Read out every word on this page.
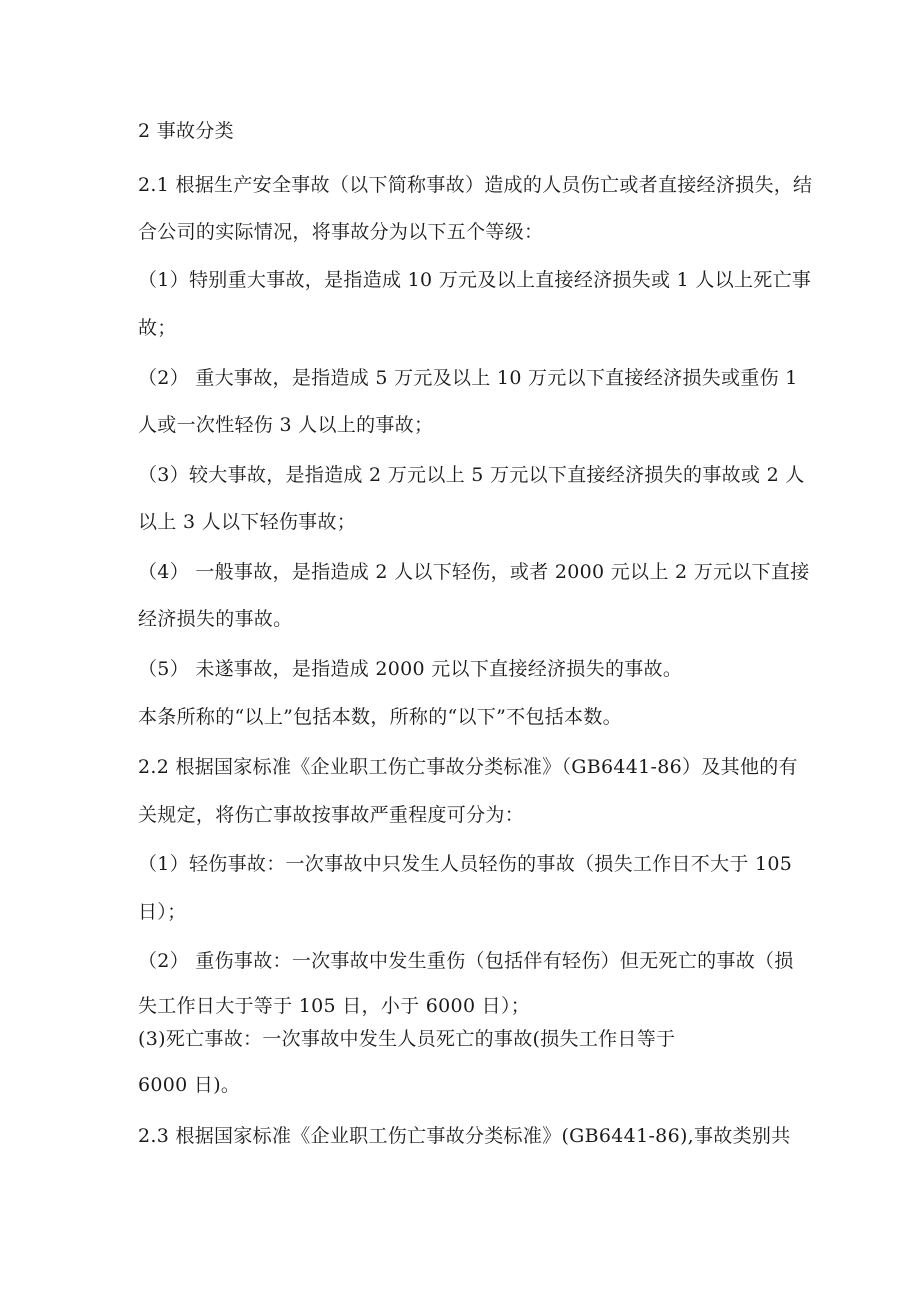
2 事故分类
2.1 根据生产安全事故（以下简称事故）造成的人员伤亡或者直接经济损失，结
合公司的实际情况，将事故分为以下五个等级：
（1）特别重大事故，是指造成 10 万元及以上直接经济损失或 1 人以上死亡事
故；
（2） 重大事故，是指造成 5 万元及以上 10 万元以下直接经济损失或重伤 1
人或一次性轻伤 3 人以上的事故；
（3）较大事故，是指造成 2 万元以上 5 万元以下直接经济损失的事故或 2 人
以上 3 人以下轻伤事故；
（4） 一般事故，是指造成 2 人以下轻伤，或者 2000 元以上 2 万元以下直接
经济损失的事故。
（5） 未遂事故，是指造成 2000 元以下直接经济损失的事故。
本条所称的“以上”包括本数，所称的“以下”不包括本数。
2.2 根据国家标准《企业职工伤亡事故分类标准》（GB6441-86）及其他的有
关规定，将伤亡事故按事故严重程度可分为：
（1）轻伤事故：一次事故中只发生人员轻伤的事故（损失工作日不大于 105
日）；
（2） 重伤事故：一次事故中发生重伤（包括伴有轻伤）但无死亡的事故（损
失工作日大于等于 105 日，小于 6000 日）；
(3)死亡事故：一次事故中发生人员死亡的事故(损失工作日等于
6000 日)。
2.3 根据国家标准《企业职工伤亡事故分类标准》(GB6441-86),事故类别共
